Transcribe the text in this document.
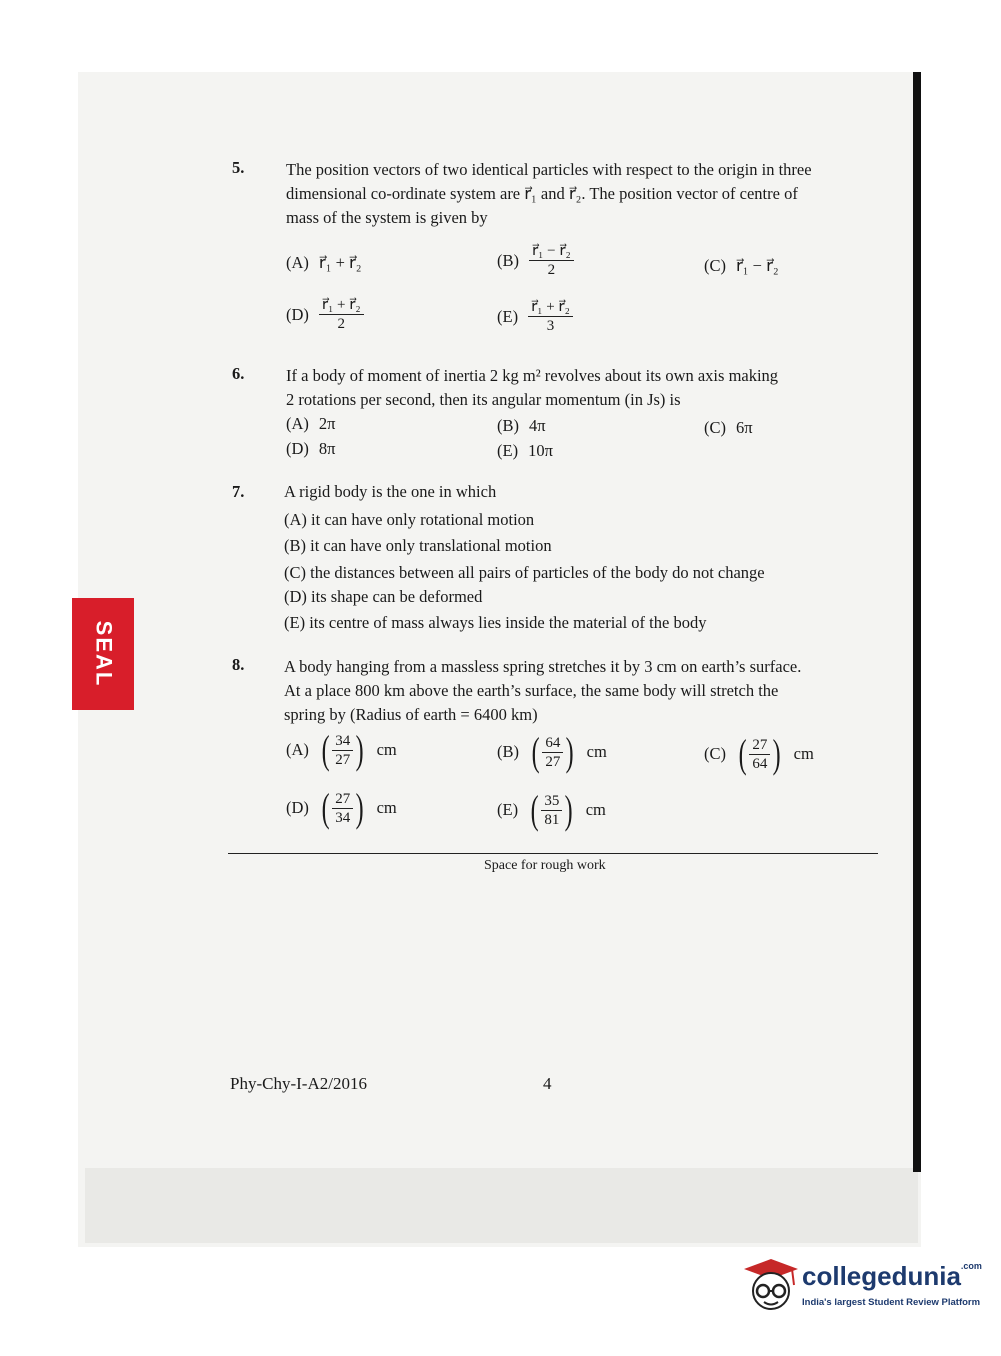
SEAL
5.	The position vectors of two identical particles with respect to the origin in three
dimensional co-ordinate system are r⃗₁ and r⃗₂. The position vector of centre of
mass of the system is given by
(A) r⃗₁ + r⃗₂	$(B) \frac{\text{r⃗₁ − r⃗₂}}{2}$	(C) r⃗₁ − r⃗₂
$(D) \frac{\text{r⃗₁ + r⃗₂}}{2}$	$(E) \frac{\text{r⃗₁ + r⃗₂}}{3}$
6.	If a body of moment of inertia 2 kg m² revolves about its own axis making
2 rotations per second, then its angular momentum (in Js) is
(A) 2π	(B) 4π	(C) 6π
(D) 8π	(E) 10π
7. A rigid body is the one in which
(A) it can have only rotational motion
(B) it can have only translational motion
(C) the distances between all pairs of particles of the body do not change
(D) its shape can be deformed
(E) its centre of mass always lies inside the material of the body
8. A body hanging from a massless spring stretches it by 3 cm on earth’s surface.
At a place 800 km above the earth’s surface, the same body will stretch the
spring by (Radius of earth = 6400 km)
(A) ( $\frac{34}{27}$ ) cm	(B) ( $\frac{64}{27}$ ) cm	(C) ( $\frac{27}{64}$ ) cm
(D) ( $\frac{27}{34}$ ) cm	(E) ( $\frac{35}{81}$ ) cm
Space for rough work
Phy-Chy-I-A2/2016	4
collegedunia$^{.com}$
India's largest Student Review Platform
